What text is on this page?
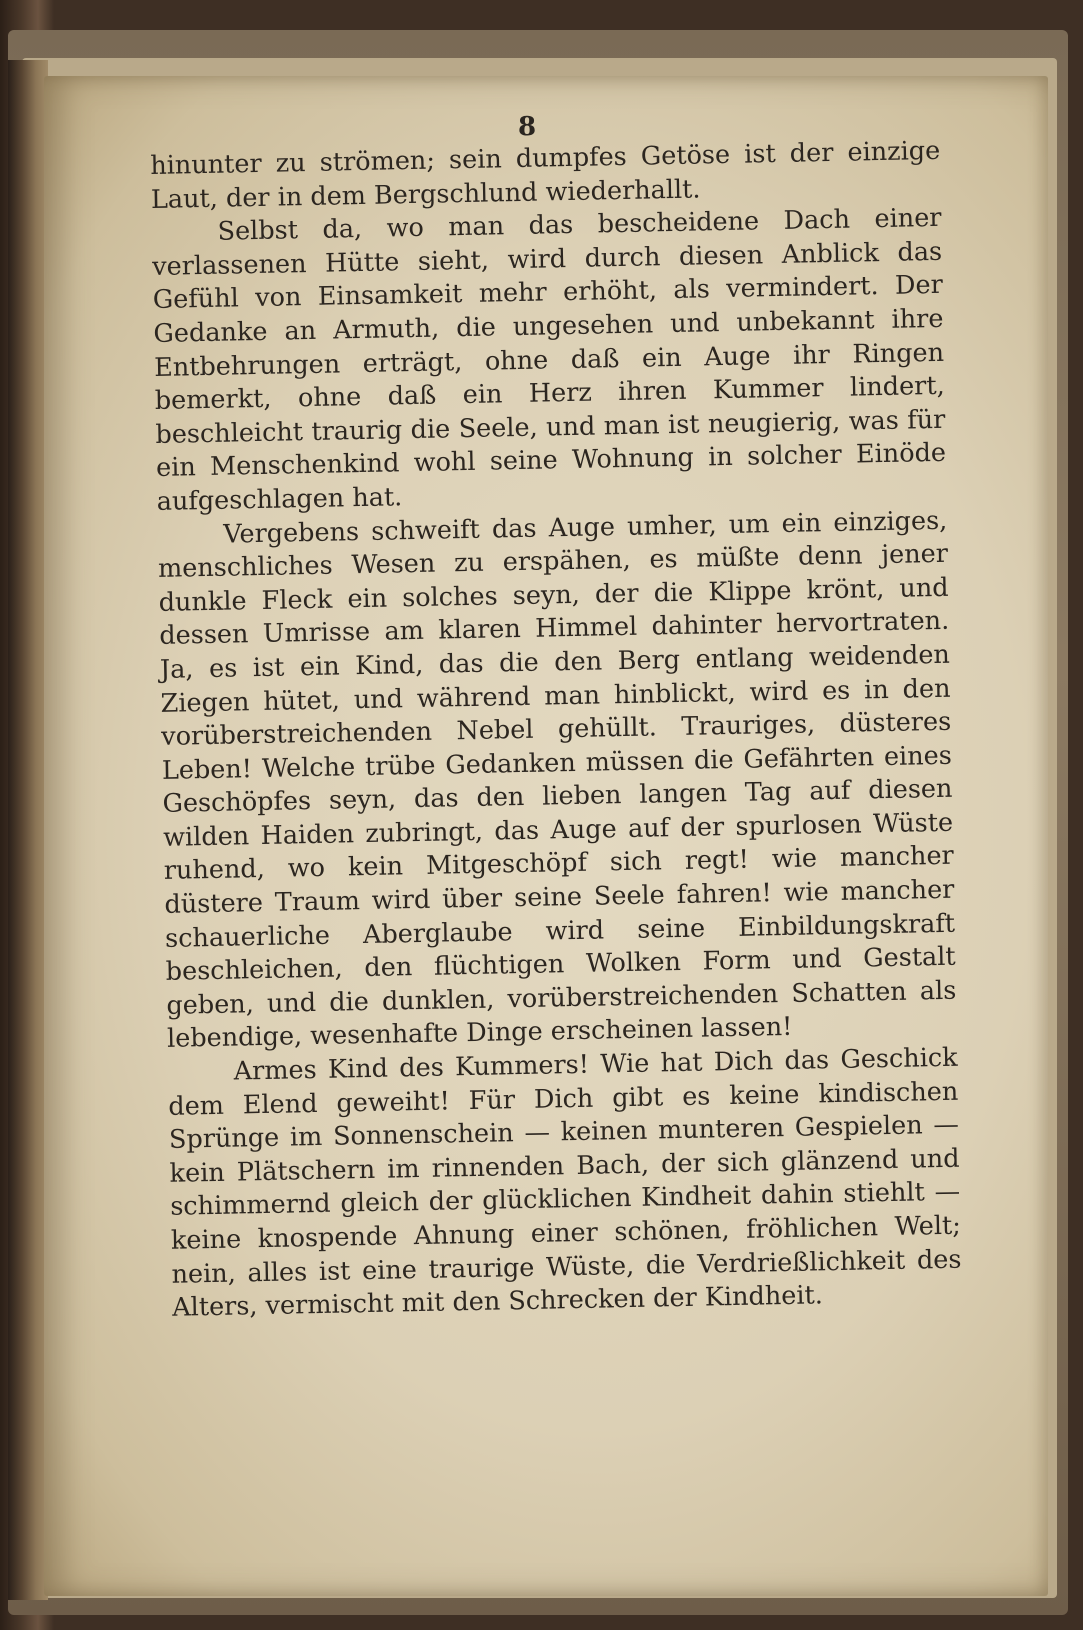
8

hinunter zu strömen; sein dumpfes Getöse ist der einzige Laut, der in dem Bergschlund wiederhallt.

Selbst da, wo man das bescheidene Dach einer verlassenen Hütte sieht, wird durch diesen Anblick das Gefühl von Einsamkeit mehr erhöht, als vermindert. Der Gedanke an Armuth, die ungesehen und unbekannt ihre Entbehrungen erträgt, ohne daß ein Auge ihr Ringen bemerkt, ohne daß ein Herz ihren Kummer lindert, beschleicht traurig die Seele, und man ist neugierig, was für ein Menschenkind wohl seine Wohnung in solcher Einöde aufgeschlagen hat.

Vergebens schweift das Auge umher, um ein einziges, menschliches Wesen zu erspähen, es müßte denn jener dunkle Fleck ein solches seyn, der die Klippe krönt, und dessen Umrisse am klaren Himmel dahinter hervortraten. Ja, es ist ein Kind, das die den Berg entlang weidenden Ziegen hütet, und während man hinblickt, wird es in den vorüberstreichenden Nebel gehüllt. Trauriges, düsteres Leben! Welche trübe Gedanken müssen die Gefährten eines Geschöpfes seyn, das den lieben langen Tag auf diesen wilden Haiden zubringt, das Auge auf der spurlosen Wüste ruhend, wo kein Mitgeschöpf sich regt! wie mancher düstere Traum wird über seine Seele fahren! wie mancher schauerliche Aberglaube wird seine Einbildungskraft beschleichen, den flüchtigen Wolken Form und Gestalt geben, und die dunklen, vorüberstreichenden Schatten als lebendige, wesenhafte Dinge erscheinen lassen!

Armes Kind des Kummers! Wie hat Dich das Geschick dem Elend geweiht! Für Dich gibt es keine kindischen Sprünge im Sonnenschein — keinen munteren Gespielen — kein Plätschern im rinnenden Bach, der sich glänzend und schimmernd gleich der glücklichen Kindheit dahin stiehlt — keine knospende Ahnung einer schönen, fröhlichen Welt; nein, alles ist eine traurige Wüste, die Verdrießlichkeit des Alters, vermischt mit den Schrecken der Kindheit.
